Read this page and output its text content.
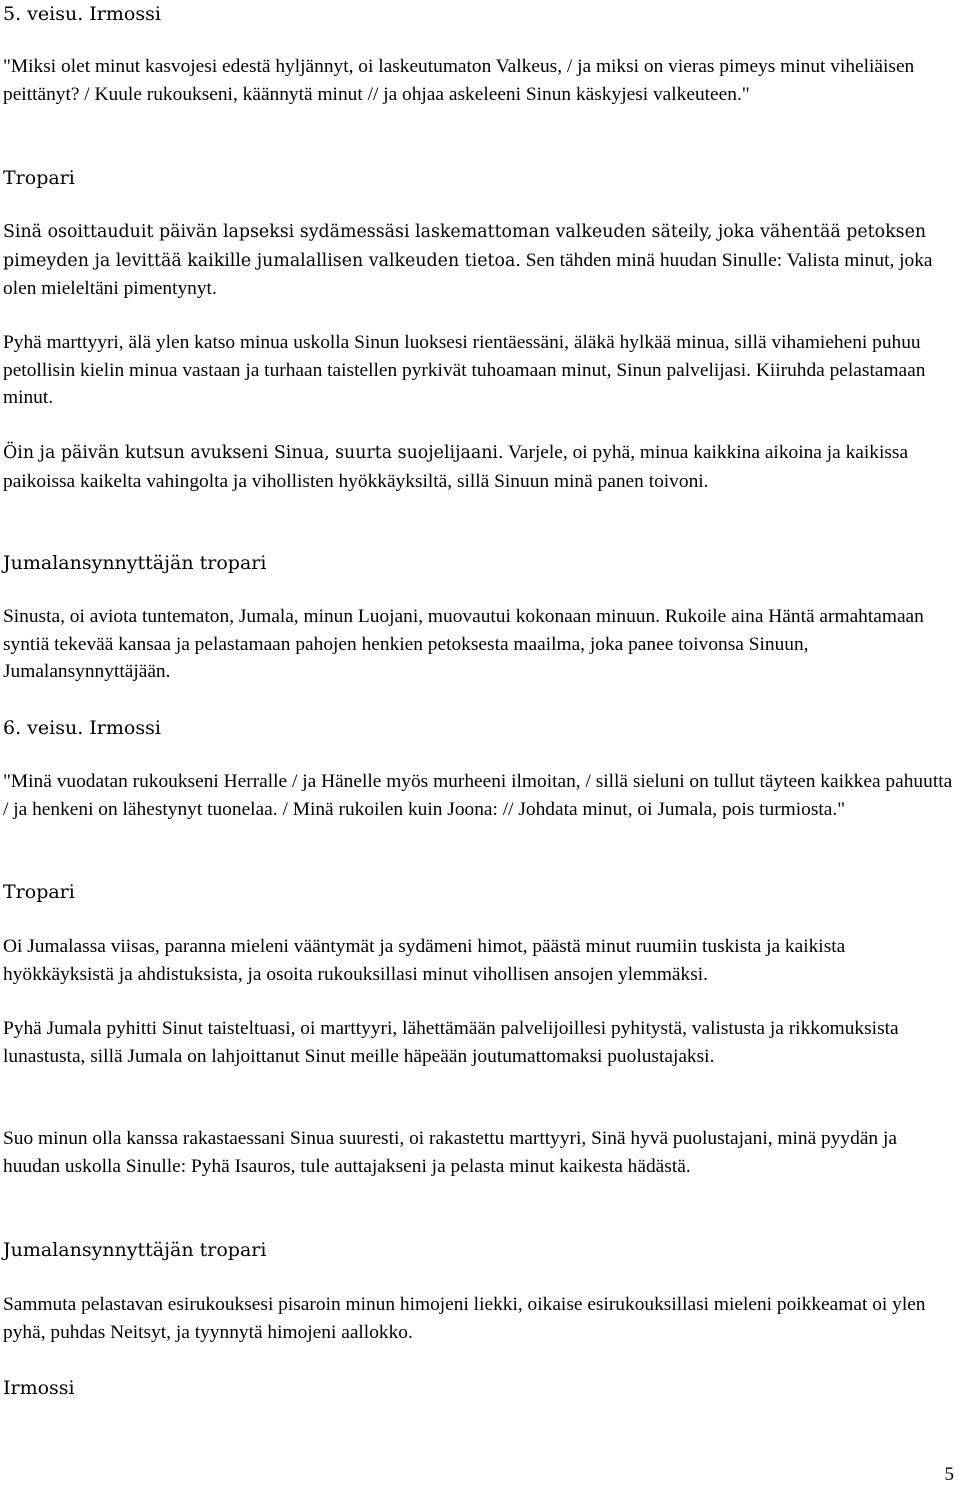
5. veisu. Irmossi
"Miksi olet minut kasvojesi edestä hyljännyt, oi laskeutumaton Valkeus, / ja miksi on vieras pimeys minut viheliäisen peittänyt? / Kuule rukoukseni, käännytä minut // ja ohjaa askeleeni Sinun käskyjesi valkeuteen."
Tropari
Sinä osoittauduit päivän lapseksi sydämessäsi laskemattoman valkeuden säteily, joka vähentää petoksen pimeyden ja levittää kaikille jumalallisen valkeuden tietoa. Sen tähden minä huudan Sinulle: Valista minut, joka olen mieleltäni pimentynyt.
Pyhä marttyyri, älä ylen katso minua uskolla Sinun luoksesi rientäessäni, äläkä hylkää minua, sillä vihamieheni puhuu petollisin kielin minua vastaan ja turhaan taistellen pyrkivät tuhoamaan minut, Sinun palvelijasi. Kiiruhda pelastamaan minut.
Öin ja päivän kutsun avukseni Sinua, suurta suojelijaani. Varjele, oi pyhä, minua kaikkina aikoina ja kaikissa paikoissa kaikelta vahingolta ja vihollisten hyökkäyksiltä, sillä Sinuun minä panen toivoni.
Jumalansynnyttäjän tropari
Sinusta, oi aviota tuntematon, Jumala, minun Luojani, muovautui kokonaan minuun. Rukoile aina Häntä armahtamaan syntiä tekevää kansaa ja pelastamaan pahojen henkien petoksesta maailma, joka panee toivonsa Sinuun, Jumalansynnyttäjään.
6. veisu. Irmossi
"Minä vuodatan rukoukseni Herralle / ja Hänelle myös murheeni ilmoitan, / sillä sieluni on tullut täyteen kaikkea pahuutta / ja henkeni on lähestynyt tuonelaa. / Minä rukoilen kuin Joona: // Johdata minut, oi Jumala, pois turmiosta."
Tropari
Oi Jumalassa viisas, paranna mieleni vääntymät ja sydämeni himot, päästä minut ruumiin tuskista ja kaikista hyökkäyksistä ja ahdistuksista, ja osoita rukouksillasi minut vihollisen ansojen ylemmäksi.
Pyhä Jumala pyhitti Sinut taisteltuasi, oi marttyyri, lähettämään palvelijoillesi pyhitystä, valistusta ja rikkomuksista lunastusta, sillä Jumala on lahjoittanut Sinut meille häpeään joutumattomaksi puolustajaksi.
Suo minun olla kanssa rakastaessani Sinua suuresti, oi rakastettu marttyyri, Sinä hyvä puolustajani, minä pyydän ja huudan uskolla Sinulle: Pyhä Isauros, tule auttajakseni ja pelasta minut kaikesta hädästä.
Jumalansynnyttäjän tropari
Sammuta pelastavan esirukouksesi pisaroin minun himojeni liekki, oikaise esirukouksillasi mieleni poikkeamat oi ylen pyhä, puhdas Neitsyt, ja tyynnytä himojeni aallokko.
Irmossi
5
